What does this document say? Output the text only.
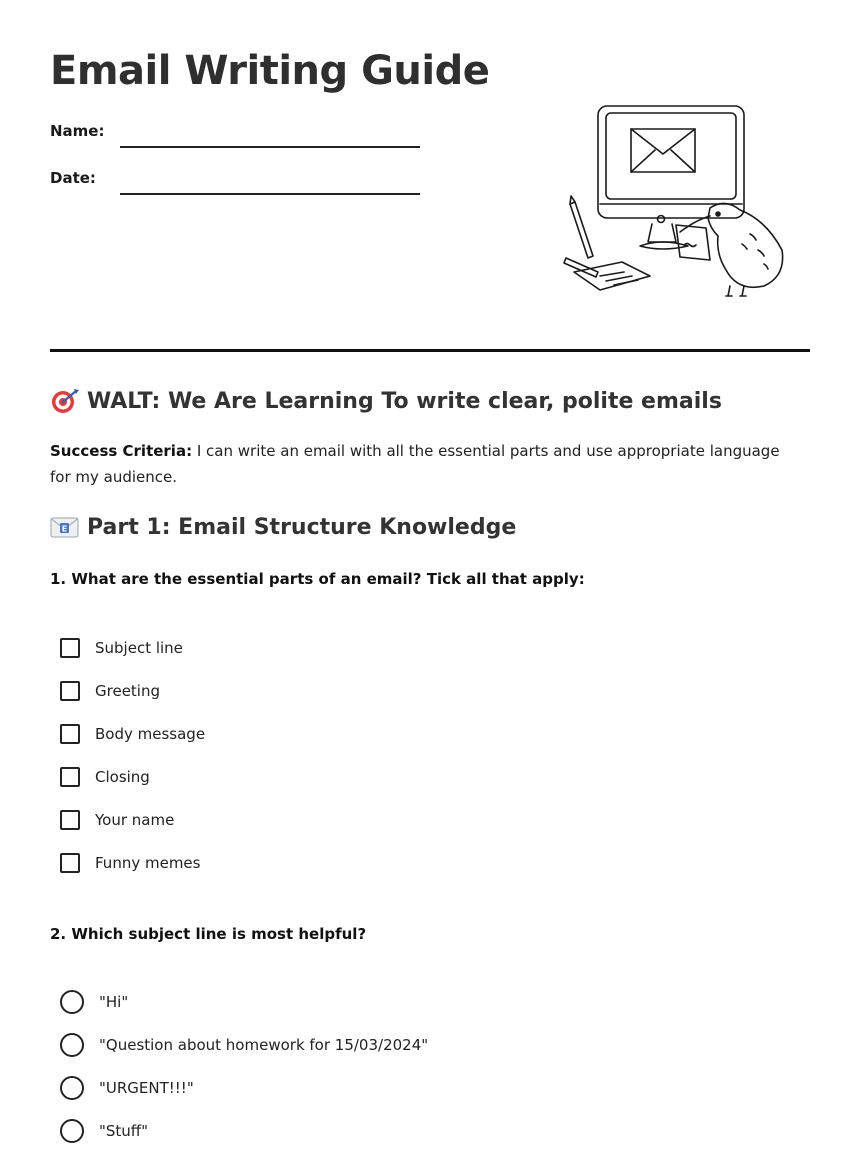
Email Writing Guide
Name:
Date:
WALT: We Are Learning To write clear, polite emails
Success Criteria: I can write an email with all the essential parts and use appropriate language for my audience.
E Part 1: Email Structure Knowledge
1. What are the essential parts of an email? Tick all that apply:
Subject line
Greeting
Body message
Closing
Your name
Funny memes
2. Which subject line is most helpful?
"Hi"
"Question about homework for 15/03/2024"
"URGENT!!!"
"Stuff"
